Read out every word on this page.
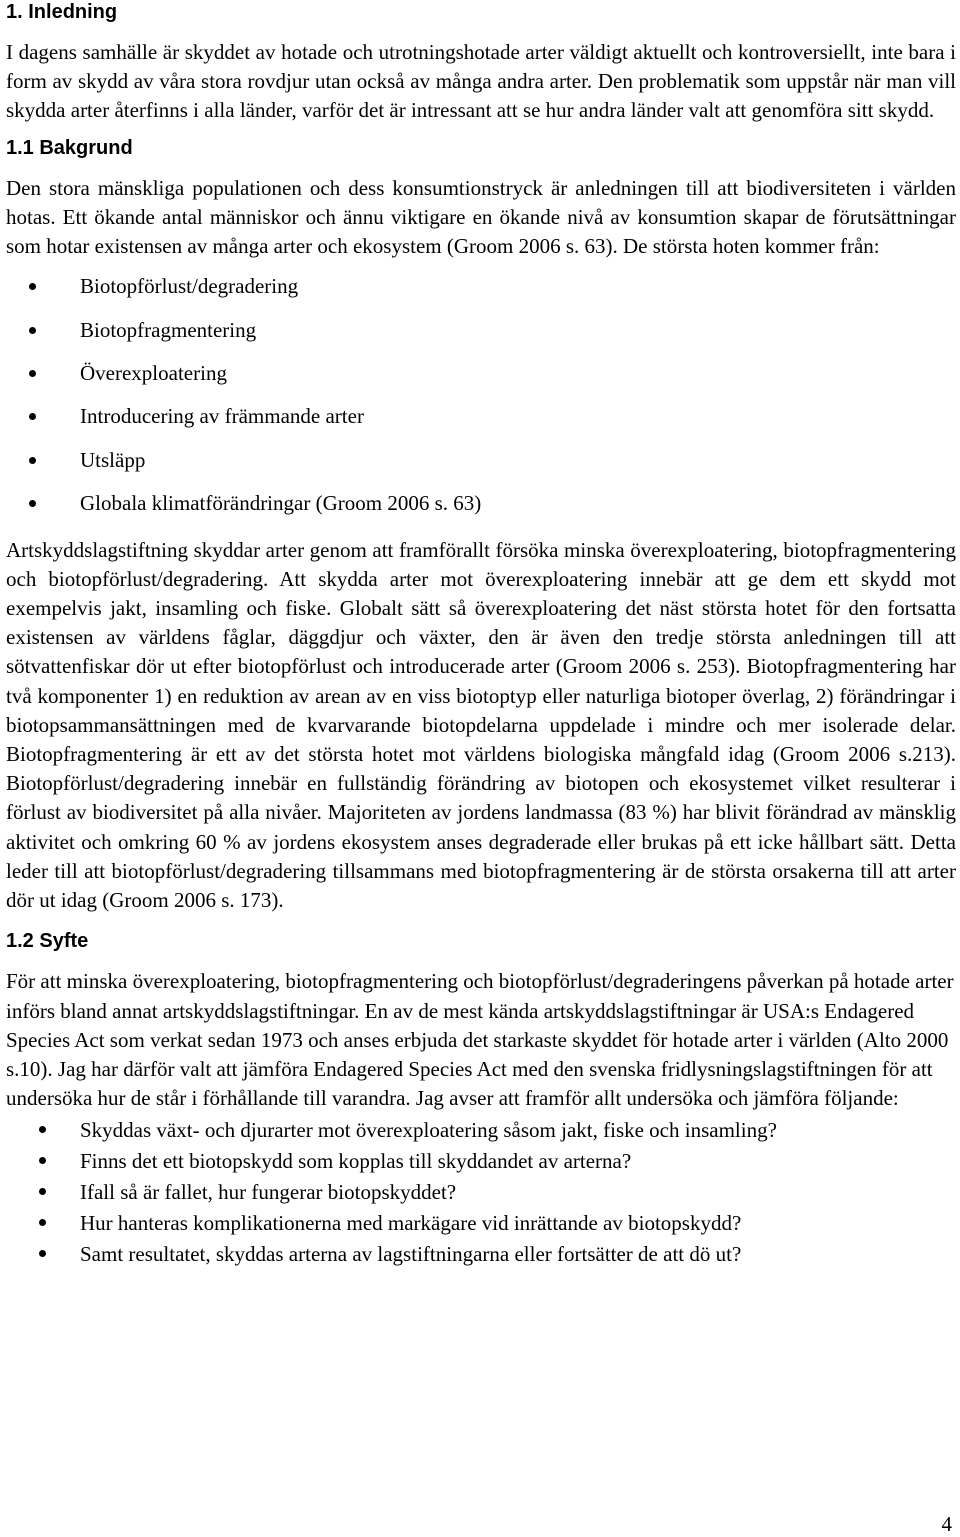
1. Inledning

I dagens samhälle är skyddet av hotade och utrotningshotade arter väldigt aktuellt och kontroversiellt, inte bara i form av skydd av våra stora rovdjur utan också av många andra arter. Den problematik som uppstår när man vill skydda arter återfinns i alla länder, varför det är intressant att se hur andra länder valt att genomföra sitt skydd.

1.1 Bakgrund

Den stora mänskliga populationen och dess konsumtionstryck är anledningen till att biodiversiteten i världen hotas. Ett ökande antal människor och ännu viktigare en ökande nivå av konsumtion skapar de förutsättningar som hotar existensen av många arter och ekosystem (Groom 2006 s. 63). De största hoten kommer från:

Biotopförlust/degradering
Biotopfragmentering
Överexploatering
Introducering av främmande arter
Utsläpp
Globala klimatförändringar (Groom 2006 s. 63)

Artskyddslagstiftning skyddar arter genom att framförallt försöka minska överexploatering, biotopfragmentering och biotopförlust/degradering. Att skydda arter mot överexploatering innebär att ge dem ett skydd mot exempelvis jakt, insamling och fiske. Globalt sätt så överexploatering det näst största hotet för den fortsatta existensen av världens fåglar, däggdjur och växter, den är även den tredje största anledningen till att sötvattenfiskar dör ut efter biotopförlust och introducerade arter (Groom 2006 s. 253). Biotopfragmentering har två komponenter 1) en reduktion av arean av en viss biotoptyp eller naturliga biotoper överlag, 2) förändringar i biotopsammansättningen med de kvarvarande biotopdelarna uppdelade i mindre och mer isolerade delar. Biotopfragmentering är ett av det största hotet mot världens biologiska mångfald idag (Groom 2006 s.213). Biotopförlust/degradering innebär en fullständig förändring av biotopen och ekosystemet vilket resulterar i förlust av biodiversitet på alla nivåer. Majoriteten av jordens landmassa (83 %) har blivit förändrad av mänsklig aktivitet och omkring 60 % av jordens ekosystem anses degraderade eller brukas på ett icke hållbart sätt. Detta leder till att biotopförlust/degradering tillsammans med biotopfragmentering är de största orsakerna till att arter dör ut idag (Groom 2006 s. 173).

1.2 Syfte

För att minska överexploatering, biotopfragmentering och biotopförlust/degraderingens påverkan på hotade arter införs bland annat artskyddslagstiftningar. En av de mest kända artskyddslagstiftningar är USA:s Endagered Species Act som verkat sedan 1973 och anses erbjuda det starkaste skyddet för hotade arter i världen (Alto 2000 s.10). Jag har därför valt att jämföra Endagered Species Act med den svenska fridlysningslagstiftningen för att undersöka hur de står i förhållande till varandra. Jag avser att framför allt undersöka och jämföra följande:

Skyddas växt- och djurarter mot överexploatering såsom jakt, fiske och insamling?
Finns det ett biotopskydd som kopplas till skyddandet av arterna?
Ifall så är fallet, hur fungerar biotopskyddet?
Hur hanteras komplikationerna med markägare vid inrättande av biotopskydd?
Samt resultatet, skyddas arterna av lagstiftningarna eller fortsätter de att dö ut?
4
